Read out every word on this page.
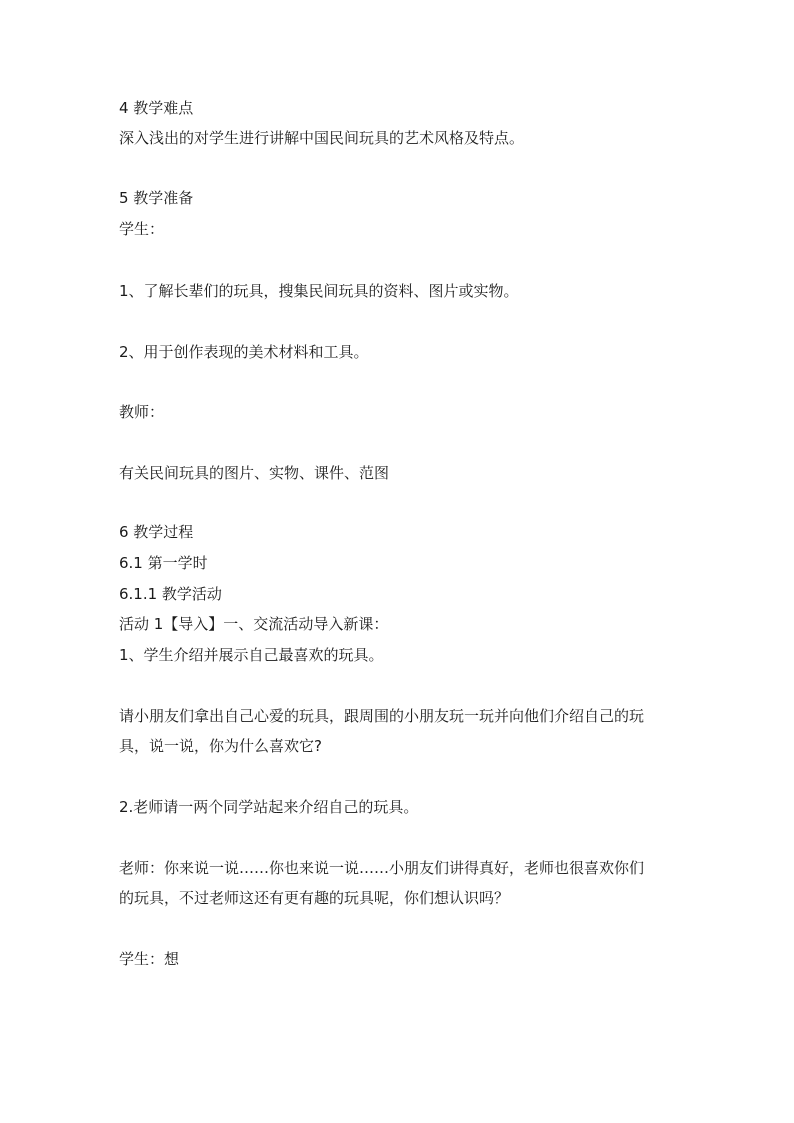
4 教学难点
深入浅出的对学生进行讲解中国民间玩具的艺术风格及特点。
5 教学准备
学生：
1、了解长辈们的玩具，搜集民间玩具的资料、图片或实物。
2、用于创作表现的美术材料和工具。
教师：
有关民间玩具的图片、实物、课件、范图
6 教学过程
6.1 第一学时
6.1.1 教学活动
活动 1【导入】一、交流活动导入新课：
1、学生介绍并展示自己最喜欢的玩具。
请小朋友们拿出自己心爱的玩具，跟周围的小朋友玩一玩并向他们介绍自己的玩
具，说一说，你为什么喜欢它?
2.老师请一两个同学站起来介绍自己的玩具。
老师：你来说一说……你也来说一说……小朋友们讲得真好，老师也很喜欢你们
的玩具，不过老师这还有更有趣的玩具呢，你们想认识吗？
学生：想
